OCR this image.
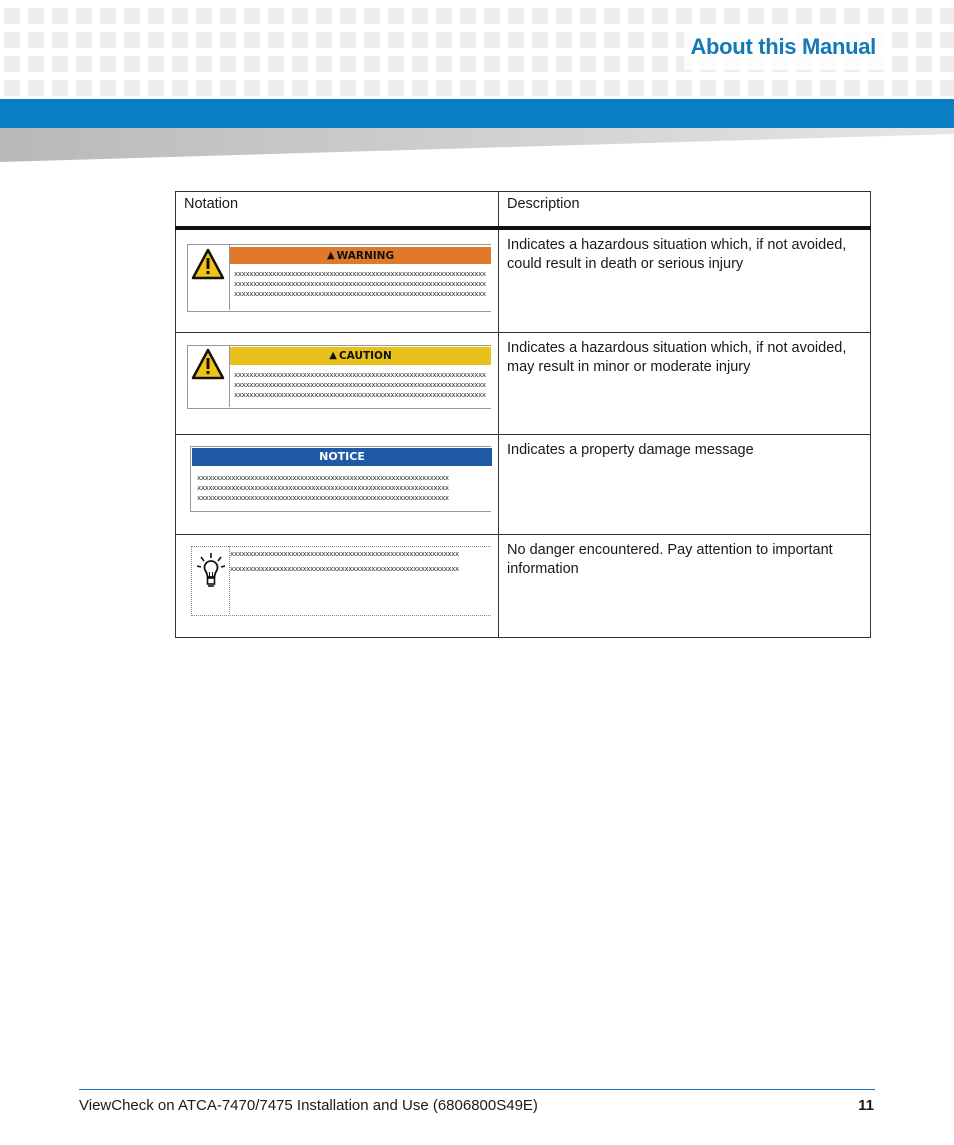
About this Manual
Notation	Description

▲ WARNING
xxxxxxxxxxxxxxxxxxxxxxxxxxxxxxxxxxxxxxxxxxxxxxxxxxxxxxxxxxxxxxxxxx
xxxxxxxxxxxxxxxxxxxxxxxxxxxxxxxxxxxxxxxxxxxxxxxxxxxxxxxxxxxxxxxxxx
xxxxxxxxxxxxxxxxxxxxxxxxxxxxxxxxxxxxxxxxxxxxxxxxxxxxxxxxxxxxxxxxxx	Indicates a hazardous situation which, if not avoided, could result in death or serious injury

▲ CAUTION
xxxxxxxxxxxxxxxxxxxxxxxxxxxxxxxxxxxxxxxxxxxxxxxxxxxxxxxxxxxxxxxxxx
xxxxxxxxxxxxxxxxxxxxxxxxxxxxxxxxxxxxxxxxxxxxxxxxxxxxxxxxxxxxxxxxxx
xxxxxxxxxxxxxxxxxxxxxxxxxxxxxxxxxxxxxxxxxxxxxxxxxxxxxxxxxxxxxxxxxx	Indicates a hazardous situation which, if not avoided, may result in minor or moderate injury

NOTICE
xxxxxxxxxxxxxxxxxxxxxxxxxxxxxxxxxxxxxxxxxxxxxxxxxxxxxxxxxxxxxxxxxx
xxxxxxxxxxxxxxxxxxxxxxxxxxxxxxxxxxxxxxxxxxxxxxxxxxxxxxxxxxxxxxxxxx
xxxxxxxxxxxxxxxxxxxxxxxxxxxxxxxxxxxxxxxxxxxxxxxxxxxxxxxxxxxxxxxxxx	Indicates a property damage message

xxxxxxxxxxxxxxxxxxxxxxxxxxxxxxxxxxxxxxxxxxxxxxxxxxxxxxxxxxxx
xxxxxxxxxxxxxxxxxxxxxxxxxxxxxxxxxxxxxxxxxxxxxxxxxxxxxxxxxxxx	No danger encountered. Pay attention to important information
ViewCheck on ATCA-7470/7475 Installation and Use (6806800S49E)	11
